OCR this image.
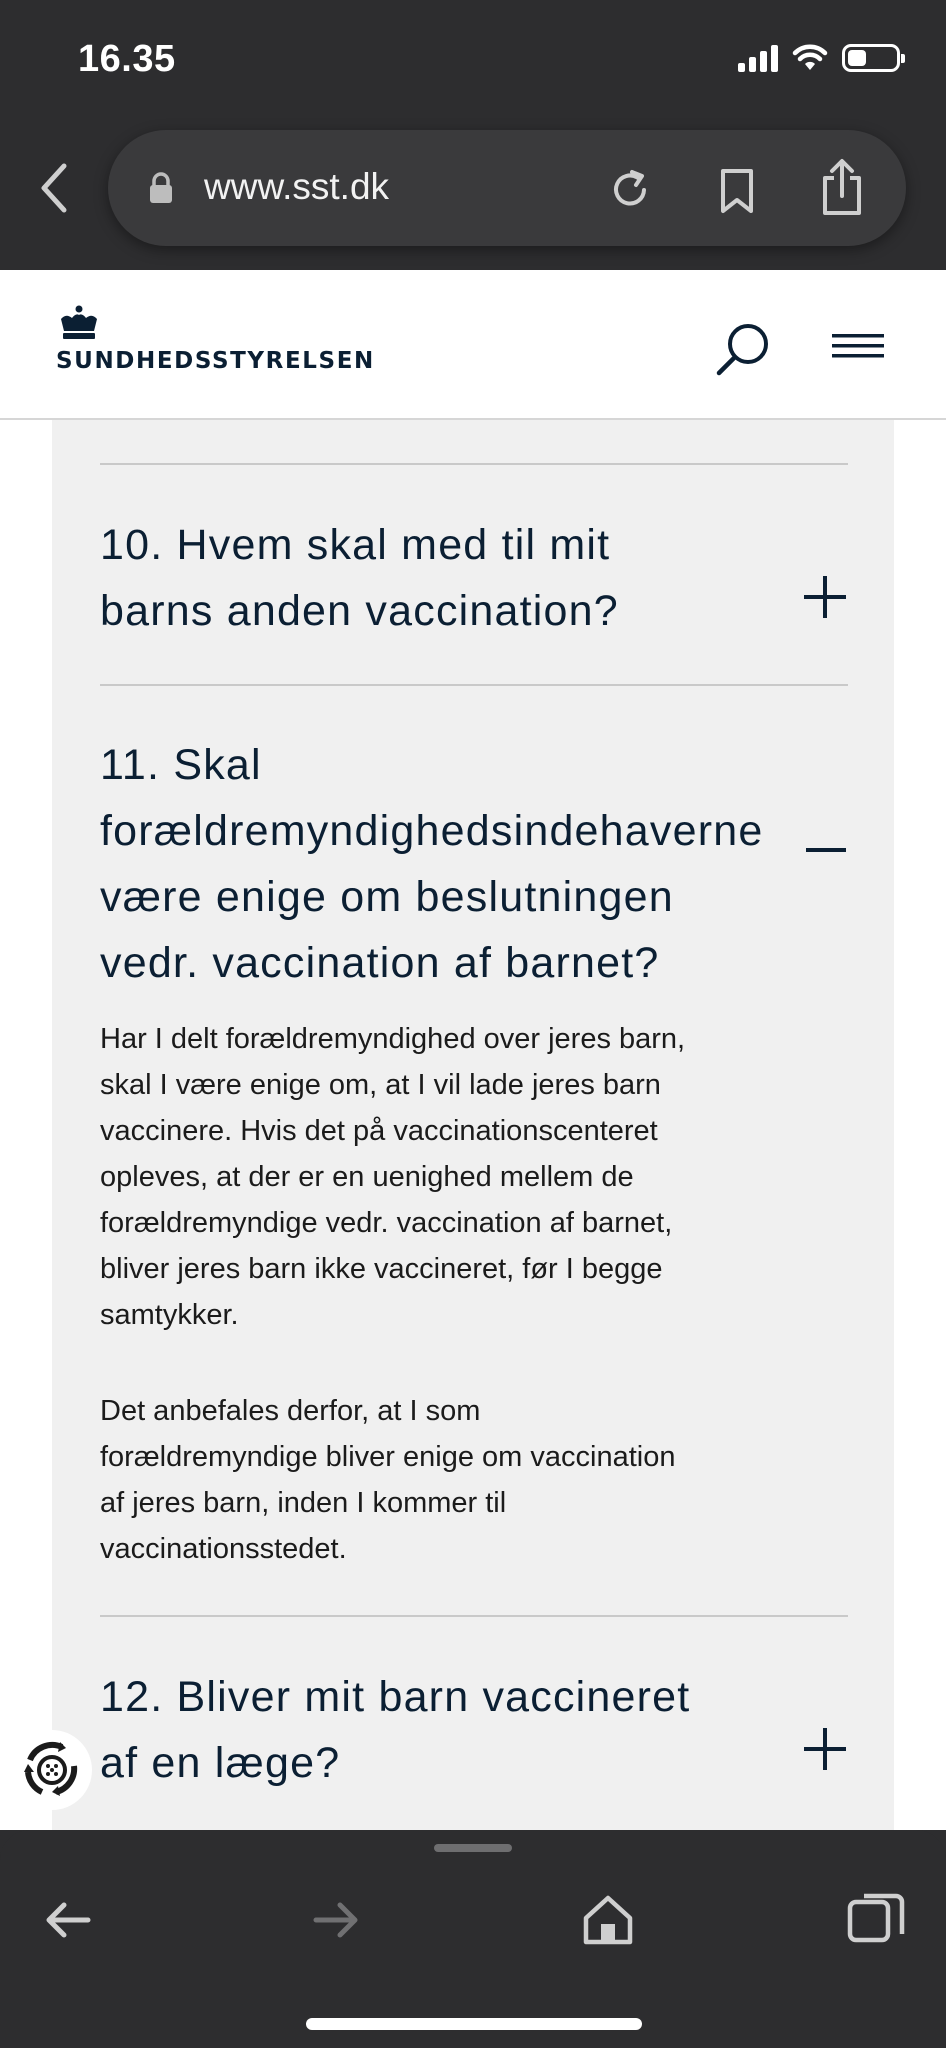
16.35
www.sst.dk
SUNDHEDSSTYRELSEN
10. Hvem skal med til mit
barns anden vaccination?
11. Skal
forældremyndighedsindehaverne
være enige om beslutningen
vedr. vaccination af barnet?
Har I delt forældremyndighed over jeres barn,
skal I være enige om, at I vil lade jeres barn
vaccinere. Hvis det på vaccinationscenteret
opleves, at der er en uenighed mellem de
forældremyndige vedr. vaccination af barnet,
bliver jeres barn ikke vaccineret, før I begge
samtykker.
Det anbefales derfor, at I som
forældremyndige bliver enige om vaccination
af jeres barn, inden I kommer til
vaccinationsstedet.
12. Bliver mit barn vaccineret
af en læge?
